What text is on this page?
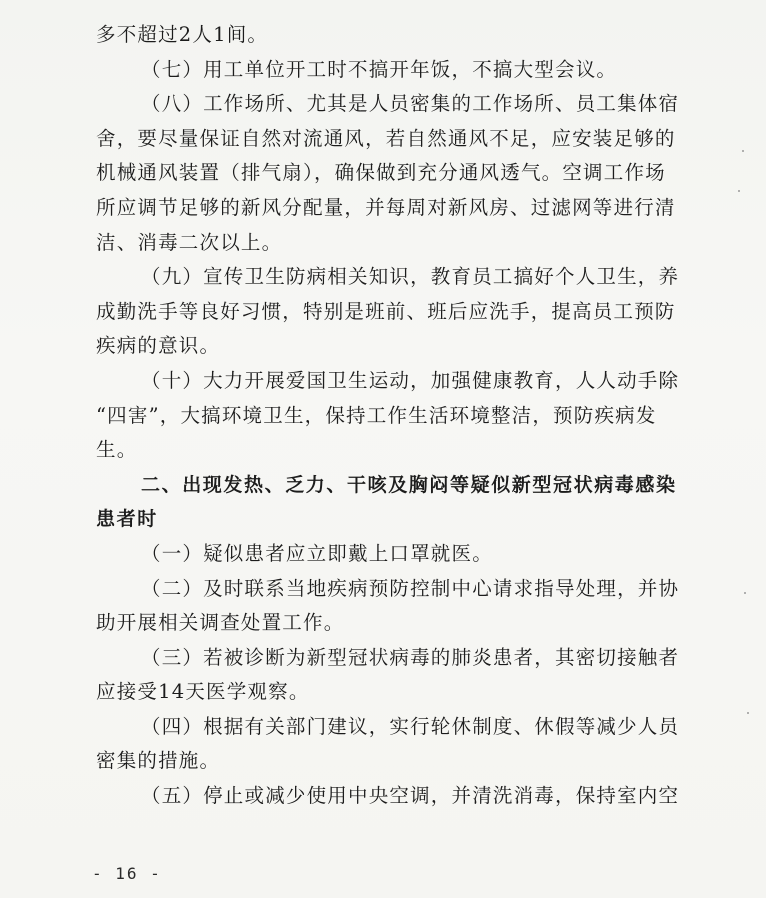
多不超过2人1间。
（七）用工单位开工时不搞开年饭，不搞大型会议。
（八）工作场所、尤其是人员密集的工作场所、员工集体宿
舍，要尽量保证自然对流通风，若自然通风不足，应安装足够的
机械通风装置（排气扇），确保做到充分通风透气。空调工作场
所应调节足够的新风分配量，并每周对新风房、过滤网等进行清
洁、消毒二次以上。
（九）宣传卫生防病相关知识，教育员工搞好个人卫生，养
成勤洗手等良好习惯，特别是班前、班后应洗手，提高员工预防
疾病的意识。
（十）大力开展爱国卫生运动，加强健康教育，人人动手除
“四害”，大搞环境卫生，保持工作生活环境整洁，预防疾病发
生。
二、出现发热、乏力、干咳及胸闷等疑似新型冠状病毒感染
患者时
（一）疑似患者应立即戴上口罩就医。
（二）及时联系当地疾病预防控制中心请求指导处理，并协
助开展相关调查处置工作。
（三）若被诊断为新型冠状病毒的肺炎患者，其密切接触者
应接受14天医学观察。
（四）根据有关部门建议，实行轮休制度、休假等减少人员
密集的措施。
（五）停止或减少使用中央空调，并清洗消毒，保持室内空
- 16 -
